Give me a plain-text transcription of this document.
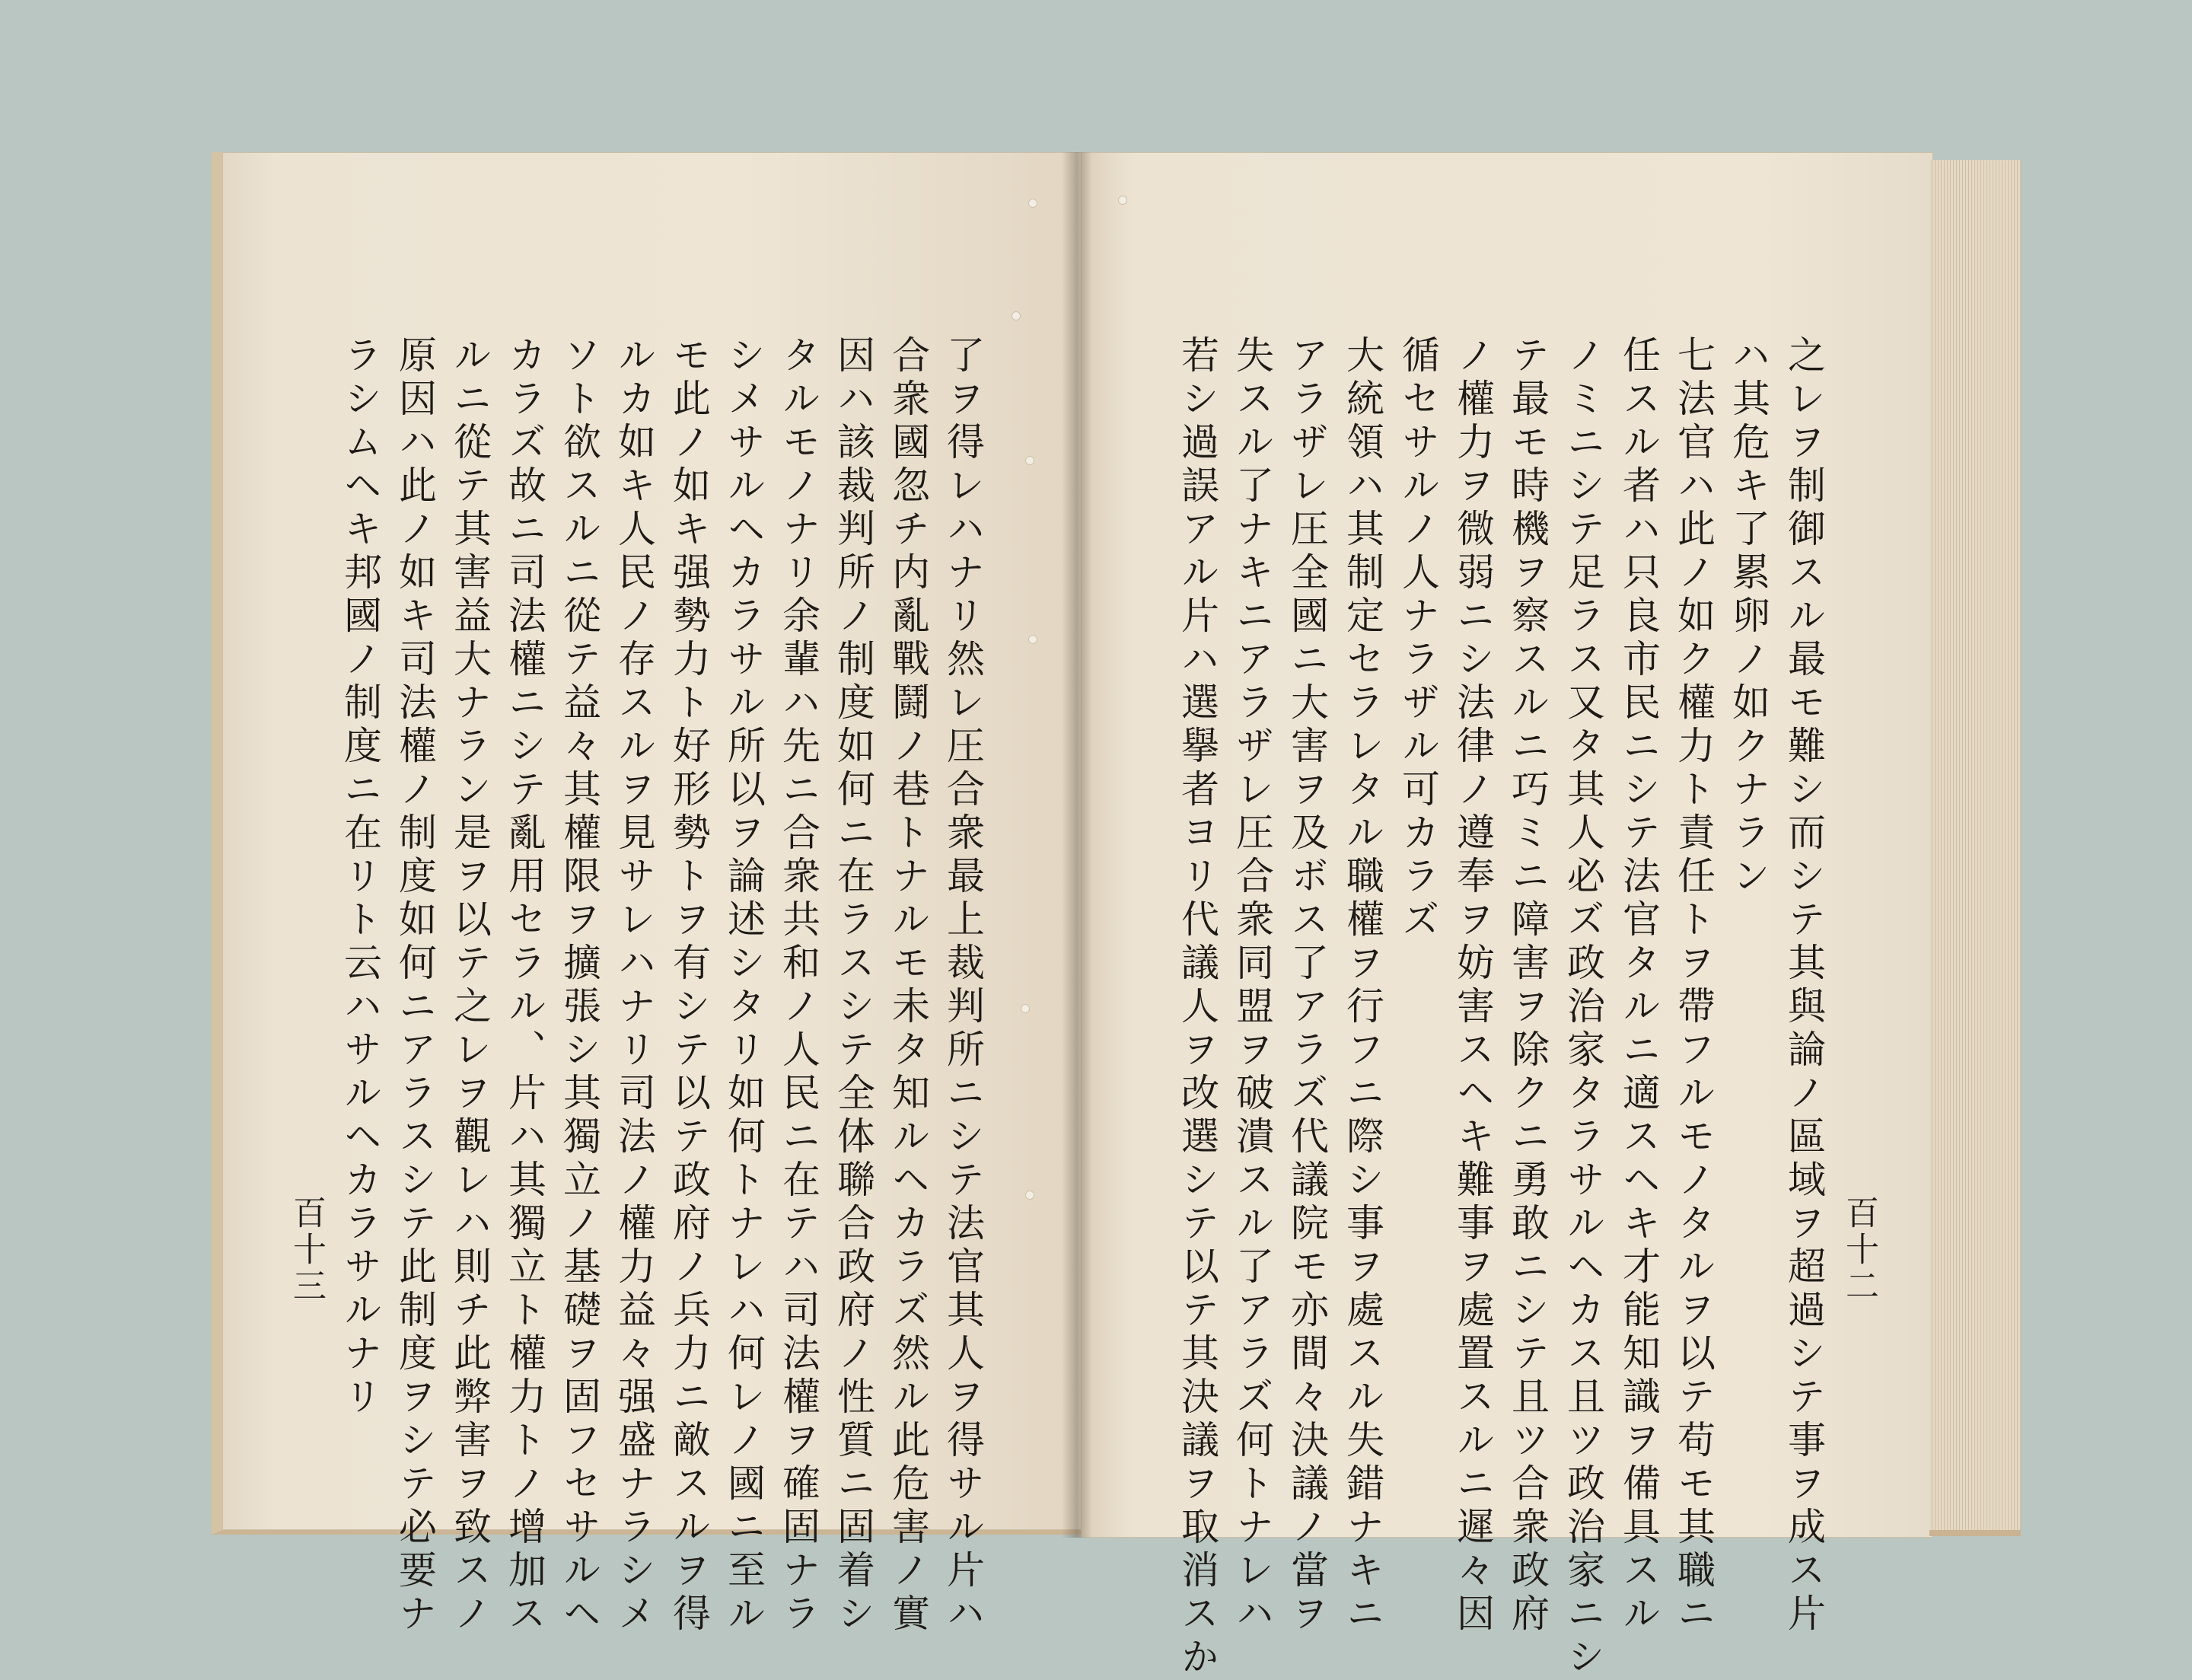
之レヲ制御スル最モ難シ而シテ其與論ノ區域ヲ超過シテ事ヲ成ス片
ハ其危キ了累卵ノ如クナラン
七法官ハ此ノ如ク權力ト責任トヲ帶フルモノタルヲ以テ苟モ其職ニ
任スル者ハ只良市民ニシテ法官タルニ適スヘキ才能知識ヲ備具スル
ノミニシテ足ラス又タ其人必ズ政治家タラサルヘカス且ツ政治家ニシ
テ最モ時機ヲ察スルニ巧ミニ障害ヲ除クニ勇敢ニシテ且ツ合衆政府
ノ權力ヲ微弱ニシ法律ノ遵奉ヲ妨害スヘキ難事ヲ處置スルニ遲々因
循セサルノ人ナラザル可カラズ
大統領ハ其制定セラレタル職權ヲ行フニ際シ事ヲ處スル失錯ナキニ
アラザレ圧全國ニ大害ヲ及ボス了アラズ代議院モ亦間々決議ノ當ヲ
失スル了ナキニアラザレ圧合衆同盟ヲ破潰スル了アラズ何トナレハ
若シ過誤アル片ハ選擧者ヨリ代議人ヲ改選シテ以テ其決議ヲ取消スか	百十二
了ヲ得レハナリ然レ圧合衆最上裁判所ニシテ法官其人ヲ得サル片ハ
合衆國忽チ内亂戰鬪ノ巷トナルモ未タ知ルヘカラズ然ル此危害ノ實
因ハ該裁判所ノ制度如何ニ在ラスシテ全体聯合政府ノ性質ニ固着シ
タルモノナリ余輩ハ先ニ合衆共和ノ人民ニ在テハ司法權ヲ確固ナラ
シメサルヘカラサル所以ヲ論述シタリ如何トナレハ何レノ國ニ至ル
モ此ノ如キ强勢力ト好形勢トヲ有シテ以テ政府ノ兵力ニ敵スルヲ得
ルカ如キ人民ノ存スルヲ見サレハナリ司法ノ權力益々强盛ナラシメ
ソト欲スルニ從テ益々其權限ヲ擴張シ其獨立ノ基礎ヲ固フセサルヘ
カラズ故ニ司法權ニシテ亂用セラル、片ハ其獨立ト權力トノ增加ス
ルニ從テ其害益大ナラン是ヲ以テ之レヲ觀レハ則チ此弊害ヲ致スノ
原因ハ此ノ如キ司法權ノ制度如何ニアラスシテ此制度ヲシテ必要ナ
ラシムヘキ邦國ノ制度ニ在リト云ハサルヘカラサルナリ
百十三
